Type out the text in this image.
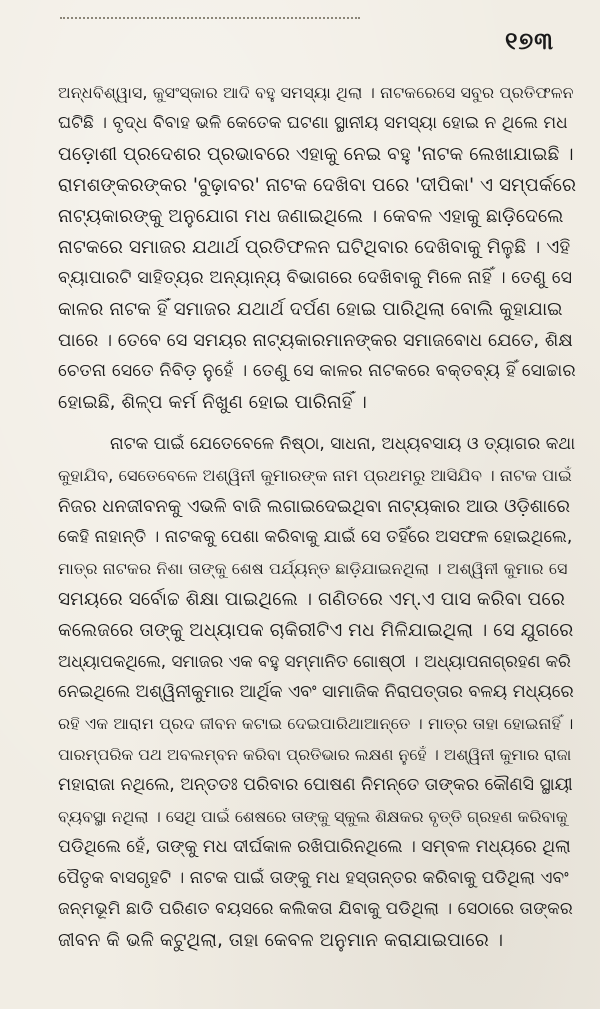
୧୭୩

ଅନ୍ଧବିଶ୍ୱାସ, କୁସଂସ୍କାର ଆଦି ବହୁ ସମସ୍ୟା ଥିଲା । ନାଟକରେସେ ସବୁର ପ୍ରତିଫଳନ

ଘଟିଛି । ବୃଦ୍ଧ ବିବାହ ଭଳି କେତେକ ଘଟଣା ସ୍ଥାନୀୟ ସମସ୍ୟା ହୋଇ ନ ଥିଲେ ମଧ

ପଡ଼ୋଶୀ ପ୍ରଦେଶର ପ୍ରଭାବରେ ଏହାକୁ ନେଇ ବହୁ 'ନାଟକ ଲେଖାଯାଇଛି ।

ରାମଶଙ୍କରଙ୍କର 'ବୁଢ଼ାବର' ନାଟକ ଦେଖିବା ପରେ 'ଦୀପିକା' ଏ ସମ୍ପର୍କରେ

ନାଟ୍ୟକାରଙ୍କୁ ଅନୁଯୋଗ ମଧ ଜଣାଇଥିଲେ । କେବଳ ଏହାକୁ ଛାଡ଼ିଦେଲେ

ନାଟକରେ ସମାଜର ଯଥାର୍ଥ ପ୍ରତିଫଳନ ଘଟିଥିବାର ଦେଖିବାକୁ ମିଳୁଛି । ଏହି

ବ୍ୟାପାରଟି ସାହିତ୍ୟର ଅନ୍ୟାନ୍ୟ ବିଭାଗରେ ଦେଖିବାକୁ ମିଳେ ନାହିଁ । ତେଣୁ ସେ

କାଳର ନାଟକ ହିଁ ସମାଜର ଯଥାର୍ଥ ଦର୍ପଣ ହୋଇ ପାରିଥିଲା ବୋଲି କୁହାଯାଇ

ପାରେ । ତେବେ ସେ ସମୟର ନାଟ୍ୟକାରମାନଙ୍କର ସମାଜବୋଧ ଯେତେ, ଶିକ୍ଷ

ଚେତନା ସେତେ ନିବିଡ଼ ନୁହେଁ । ତେଣୁ ସେ କାଳର ନାଟକରେ ବକ୍ତବ୍ୟ ହିଁ ସୋଚ୍ଚାର

ହୋଇଛି, ଶିଳ୍ପ କର୍ମ ନିଖୁଣ ହୋଇ ପାରିନାହିଁ ।

ନାଟକ ପାଇଁ ଯେତେବେଳେ ନିଷ୍ଠା, ସାଧନା, ଅଧ୍ୟବସାୟ ଓ ତ୍ୟାଗର କଥା

କୁହାଯିବ, ସେତେବେଳେ ଅଶ୍ୱିନୀ କୁମାରଙ୍କ ନାମ ପ୍ରଥମରୁ ଆସିଯିବ । ନାଟକ ପାଇଁ

ନିଜର ଧନଜୀବନକୁ ଏଭଳି ବାଜି ଲଗାଇଦେଇଥିବା ନାଟ୍ୟକାର ଆଉ ଓଡ଼ିଶାରେ

କେହି ନାହାନ୍ତି । ନାଟକକୁ ପେଶା କରିବାକୁ ଯାଇଁ ସେ ତହିଁରେ ଅସଫଳ ହୋଇଥିଲେ,

ମାତ୍ର ନାଟକର ନିଶା ତାଙ୍କୁ ଶେଷ ପର୍ଯ୍ୟନ୍ତ ଛାଡ଼ିଯାଇନଥିଲା । ଅଶ୍ୱିନୀ କୁମାର ସେ

ସମୟରେ ସର୍ବୋଚ୍ଚ ଶିକ୍ଷା ପାଇଥିଲେ । ଗଣିତରେ ଏମ୍.ଏ ପାସ କରିବା ପରେ

କଲେଜରେ ତାଙ୍କୁ ଅଧ୍ୟାପକ ଚାକିରୀଟିଏ ମଧ ମିଳିଯାଇଥିଲା । ସେ ଯୁଗରେ

ଅଧ୍ୟାପକଥିଲେ, ସମାଜର ଏକ ବହୁ ସମ୍ମାନିତ ଗୋଷ୍ଠୀ । ଅଧ୍ୟାପନାଗ୍ରହଣ କରି

ନେଇଥିଲେ ଅଶ୍ୱିନୀକୁମାର ଆର୍ଥିକ ଏବଂ ସାମାଜିକ ନିରାପତ୍ତାର ବଳୟ ମଧ୍ୟରେ

ରହି ଏକ ଆରାମ ପ୍ରଦ ଜୀବନ କଟାଇ ଦେଇପାରିଥାଆନ୍ତେ । ମାତ୍ର ତାହା ହୋଇନାହିଁ ।

ପାରମ୍ପରିକ ପଥ ଅବଲମ୍ବନ କରିବା ପ୍ରତିଭାର ଲକ୍ଷଣ ନୁହେଁ । ଅଶ୍ୱିନୀ କୁମାର ରାଜା

ମହାରାଜା ନଥିଲେ, ଅନ୍ତତଃ ପରିବାର ପୋଷଣ ନିମନ୍ତେ ତାଙ୍କର କୌଣସି ସ୍ଥାୟୀ

ବ୍ୟବସ୍ଥା ନଥିଲା । ସେଥି ପାଇଁ ଶେଷରେ ତାଙ୍କୁ ସ୍କୁଲ ଶିକ୍ଷକର ବୃତ୍ତି ଗ୍ରହଣ କରିବାକୁ

ପଡିଥିଲେ ହେଁ, ତାଙ୍କୁ ମଧ ଦୀର୍ଘକାଳ ରଖିପାରିନଥିଲେ । ସମ୍ବଳ ମଧ୍ୟରେ ଥିଲା

ପୈତୃକ ବାସଗୃହଟି । ନାଟକ ପାଇଁ ତାଙ୍କୁ ମଧ ହସ୍ତାନ୍ତର କରିବାକୁ ପଡିଥିଲା ଏବଂ

ଜନ୍ମଭୂମି ଛାଡି ପରିଣତ ବୟସରେ କଲିକତା ଯିବାକୁ ପଡିଥିଲା । ସେଠାରେ ତାଙ୍କର

ଜୀବନ କି ଭଳି କଟୁଥିଲା, ତାହା କେବଳ ଅନୁମାନ କରାଯାଇପାରେ ।
